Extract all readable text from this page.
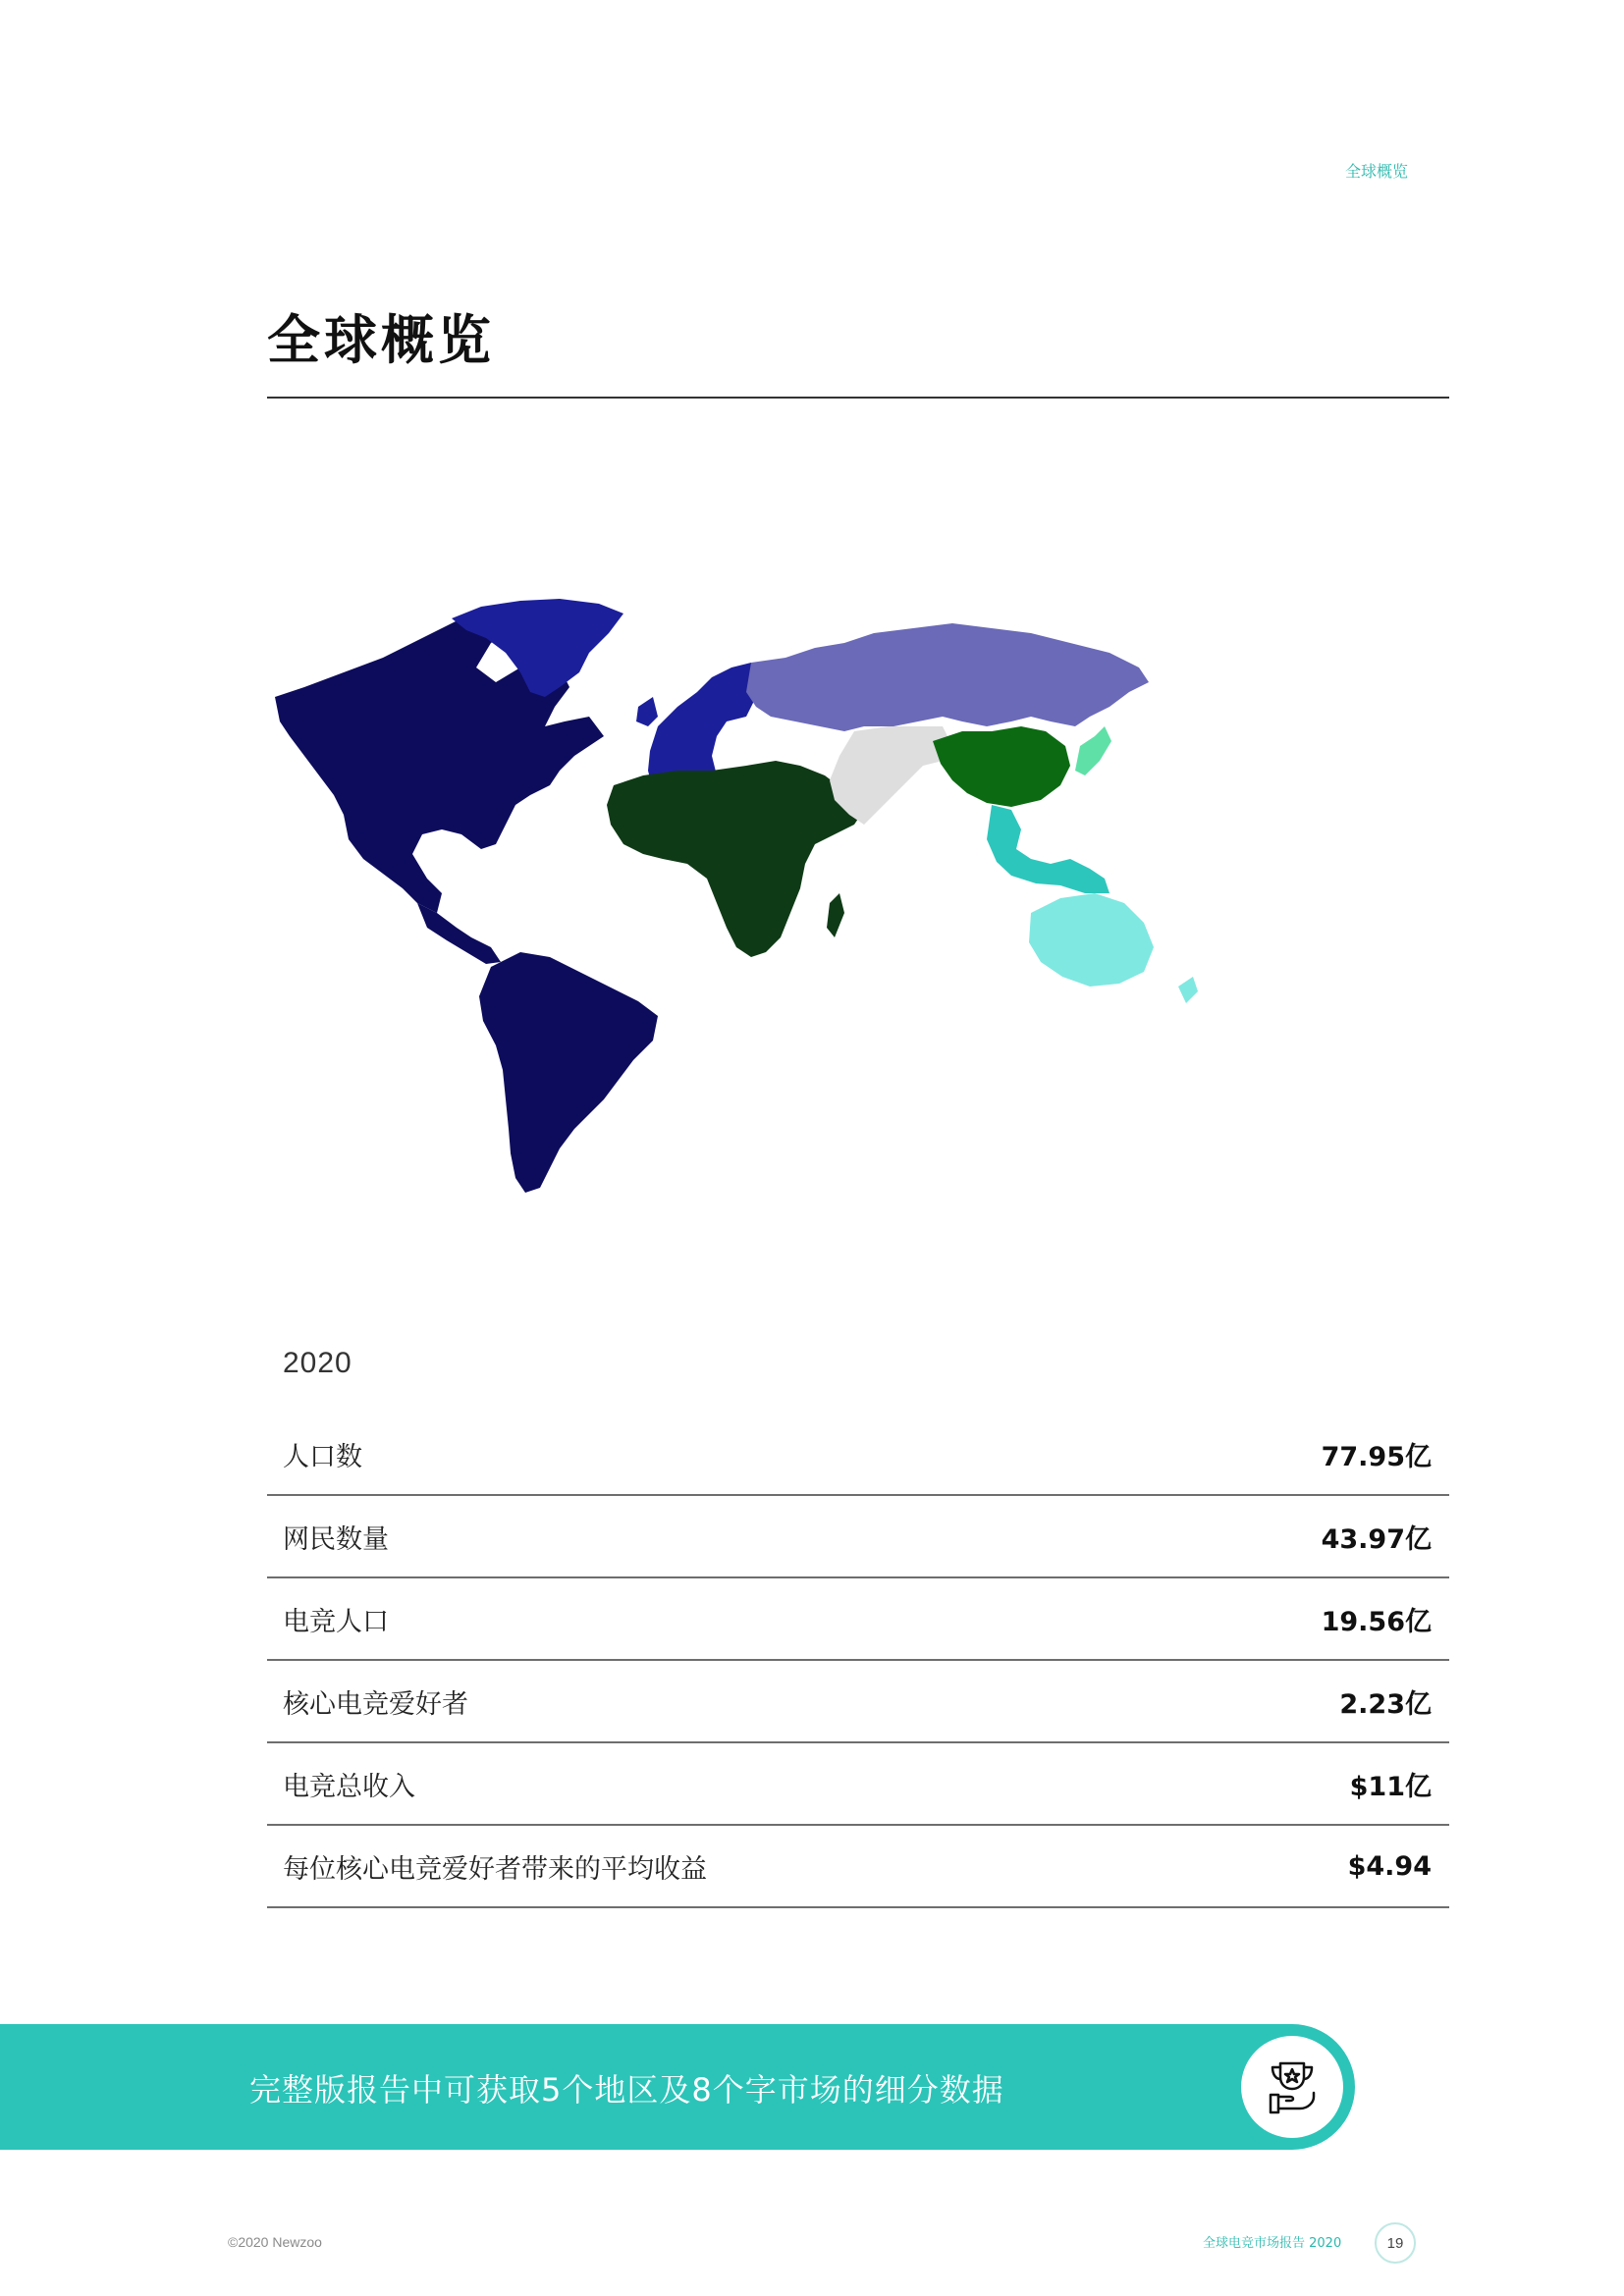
全球概览
全球概览
2020
人口数	77.95亿
网民数量	43.97亿
电竞人口	19.56亿
核心电竞爱好者	2.23亿
电竞总收入	$11亿
每位核心电竞爱好者带来的平均收益	$4.94
完整版报告中可获取5个地区及8个字市场的细分数据
©2020 Newzoo	全球电竞市场报告 2020	19
